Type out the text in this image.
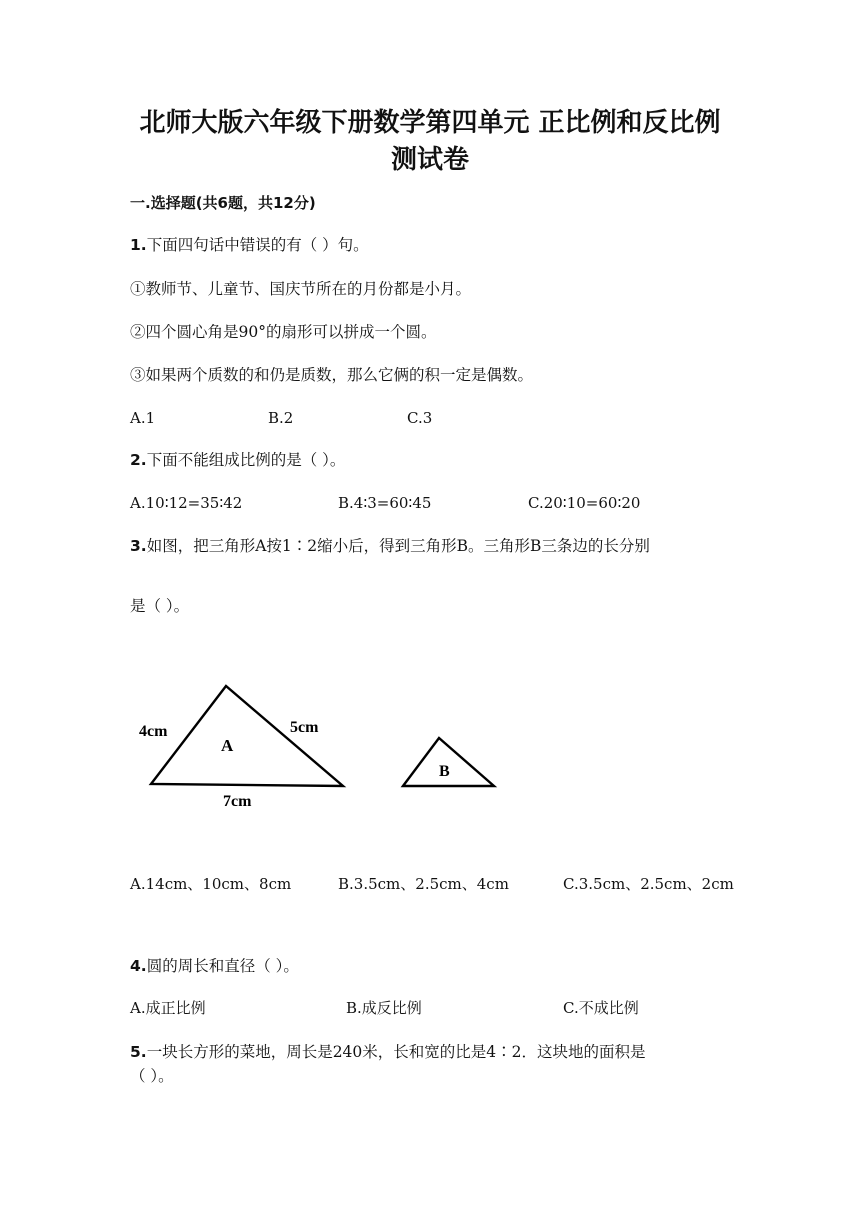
北师大版六年级下册数学第四单元 正比例和反比例
测试卷
一.选择题(共6题，共12分)
1.下面四句话中错误的有（ ）句。
①教师节、儿童节、国庆节所在的月份都是小月。
②四个圆心角是90°的扇形可以拼成一个圆。
③如果两个质数的和仍是质数，那么它俩的积一定是偶数。
A.1	B.2	C.3
2.下面不能组成比例的是（ ）。
A.10∶12=35∶42	B.4∶3=60∶45	C.20∶10=60∶20
3.如图，把三角形A按1∶2缩小后，得到三角形B。三角形B三条边的长分别
是（ ）。
A
4cm	5cm
7cm
B
A.14cm、10cm、8cm	B.3.5cm、2.5cm、4cm	C.3.5cm、2.5cm、2cm
4.圆的周长和直径（ ）。
A.成正比例	B.成反比例	C.不成比例
5.一块长方形的菜地，周长是240米，长和宽的比是4∶2．这块地的面积是
（ ）。
